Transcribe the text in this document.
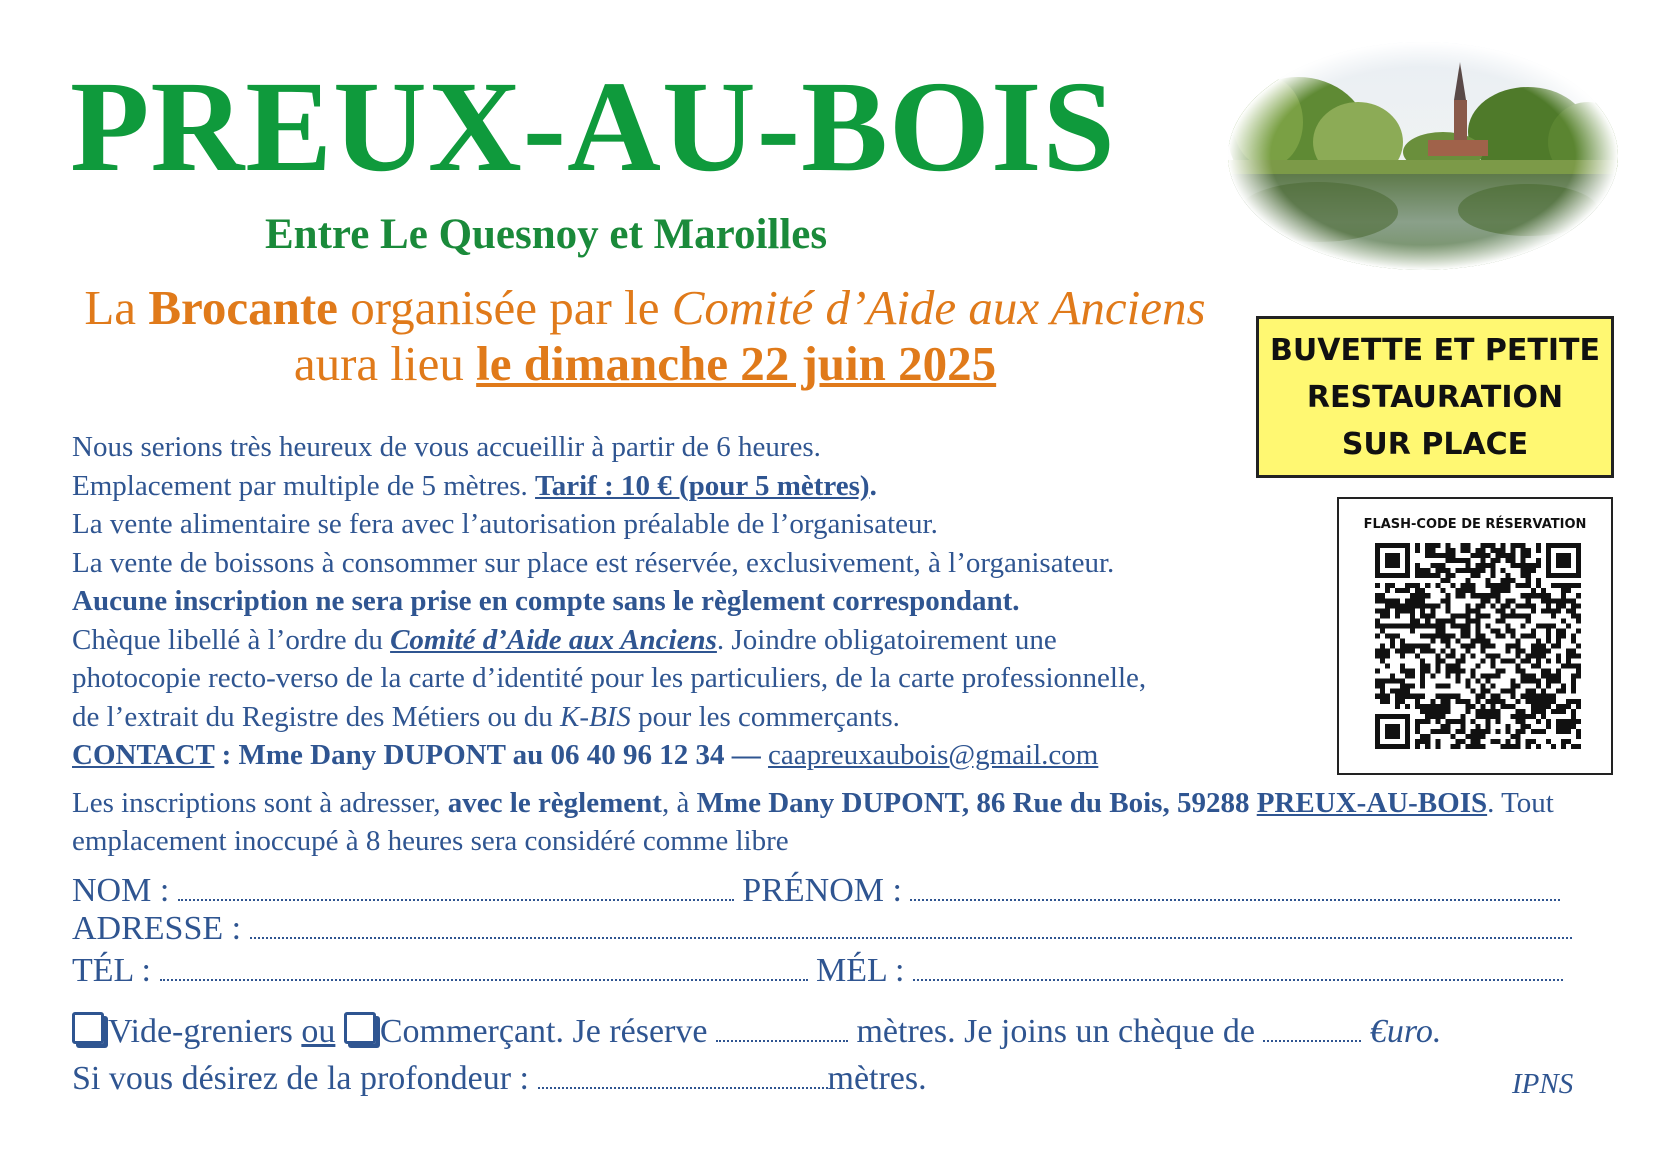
PREUX-AU-BOIS
Entre Le Quesnoy et Maroilles
La Brocante organisée par le Comité d’Aide aux Anciens aura lieu le dimanche 22 juin 2025	BUVETTE ET PETITE
RESTAURATION
SUR PLACE
FLASH-CODE DE RÉSERVATION

Nous serions très heureux de vous accueillir à partir de 6 heures.

Emplacement par multiple de 5 mètres. Tarif : 10 € (pour 5 mètres).

La vente alimentaire se fera avec l’autorisation préalable de l’organisateur.

La vente de boissons à consommer sur place est réservée, exclusivement, à l’organisateur.

Aucune inscription ne sera prise en compte sans le règlement correspondant.

Chèque libellé à l’ordre du Comité d’Aide aux Anciens. Joindre obligatoirement une

photocopie recto-verso de la carte d’identité pour les particuliers, de la carte professionnelle,

de l’extrait du Registre des Métiers ou du K-BIS pour les commerçants.

CONTACT : Mme Dany DUPONT au 06 40 96 12 34 — caapreuxaubois@gmail.com

Les inscriptions sont à adresser, avec le règlement, à Mme Dany DUPONT, 86 Rue du Bois, 59288 PREUX-AU-BOIS. Tout emplacement inoccupé à 8 heures sera considéré comme libre
NOM :	PRÉNOM :
ADRESSE :
TÉL :	MÉL :
Vide-greniers ou Commerçant. Je réserve	mètres. Je joins un chèque de	€uro.
Si vous désirez de la profondeur :	mètres.	IPNS
